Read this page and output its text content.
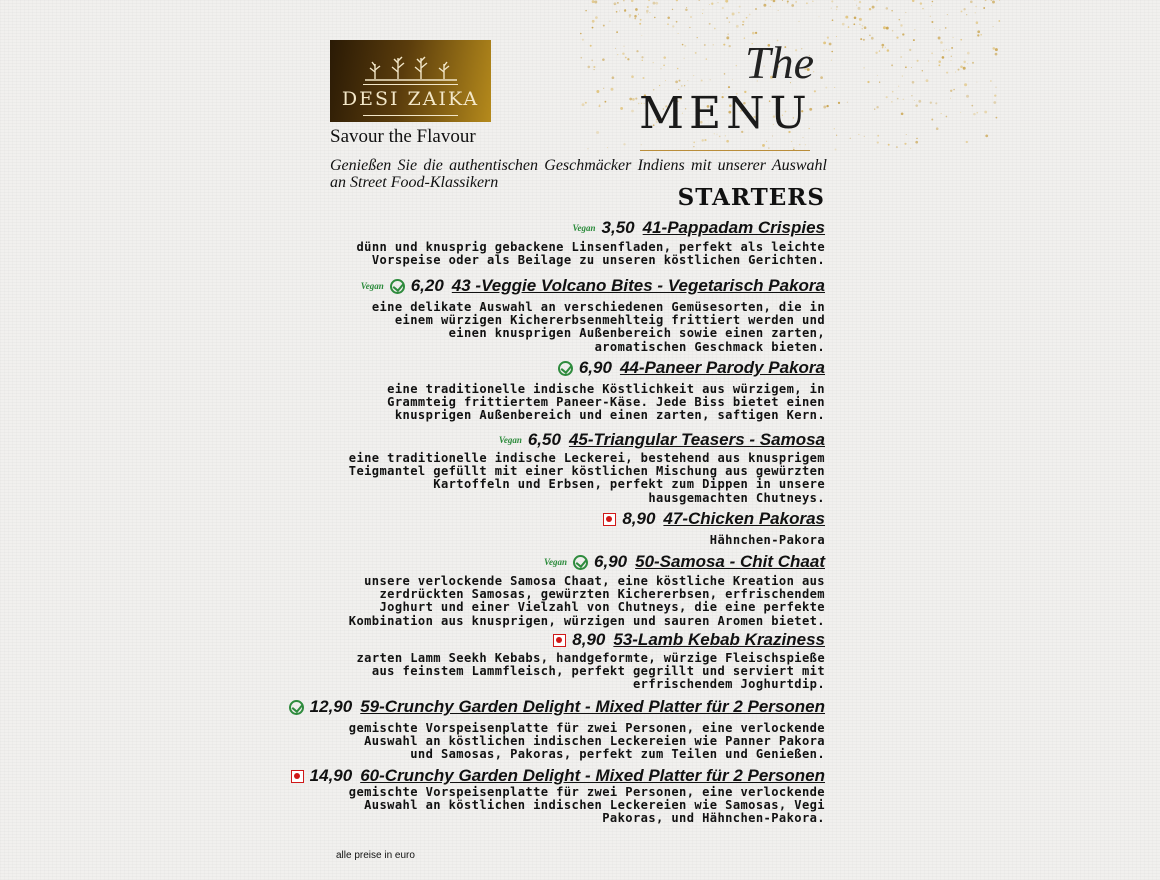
DESI ZAIKA
Savour the Flavour
The
MENU
Genießen Sie die authentischen Geschmäcker Indiens mit unserer Auswahl an Street Food-Klassikern
STARTERS
Vegan 3,50 41-Pappadam Crispies
dünn und knusprig gebackene Linsenfladen, perfekt als leichte
Vorspeise oder als Beilage zu unseren köstlichen Gerichten.
Vegan 6,20 43 -Veggie Volcano Bites - Vegetarisch Pakora
eine delikate Auswahl an verschiedenen Gemüsesorten, die in
einem würzigen Kichererbsenmehlteig frittiert werden und
einen knusprigen Außenbereich sowie einen zarten,
aromatischen Geschmack bieten.
6,90 44-Paneer Parody Pakora
eine traditionelle indische Köstlichkeit aus würzigem, in
Grammteig frittiertem Paneer-Käse. Jede Biss bietet einen
knusprigen Außenbereich und einen zarten, saftigen Kern.
Vegan 6,50 45-Triangular Teasers - Samosa
eine traditionelle indische Leckerei, bestehend aus knusprigem
Teigmantel gefüllt mit einer köstlichen Mischung aus gewürzten
Kartoffeln und Erbsen, perfekt zum Dippen in unsere
hausgemachten Chutneys.
8,90 47-Chicken Pakoras
Hähnchen-Pakora
Vegan 6,90 50-Samosa - Chit Chaat
unsere verlockende Samosa Chaat, eine köstliche Kreation aus
zerdrückten Samosas, gewürzten Kichererbsen, erfrischendem
Joghurt und einer Vielzahl von Chutneys, die eine perfekte
Kombination aus knusprigen, würzigen und sauren Aromen bietet.
8,90 53-Lamb Kebab Kraziness
zarten Lamm Seekh Kebabs, handgeformte, würzige Fleischspieße
aus feinstem Lammfleisch, perfekt gegrillt und serviert mit
erfrischendem Joghurtdip.
12,90 59-Crunchy Garden Delight - Mixed Platter für 2 Personen
gemischte Vorspeisenplatte für zwei Personen, eine verlockende
Auswahl an köstlichen indischen Leckereien wie Panner Pakora
und Samosas, Pakoras, perfekt zum Teilen und Genießen.
14,90 60-Crunchy Garden Delight - Mixed Platter für 2 Personen
gemischte Vorspeisenplatte für zwei Personen, eine verlockende
Auswahl an köstlichen indischen Leckereien wie Samosas, Vegi
Pakoras, und Hähnchen-Pakora.
alle preise in euro
